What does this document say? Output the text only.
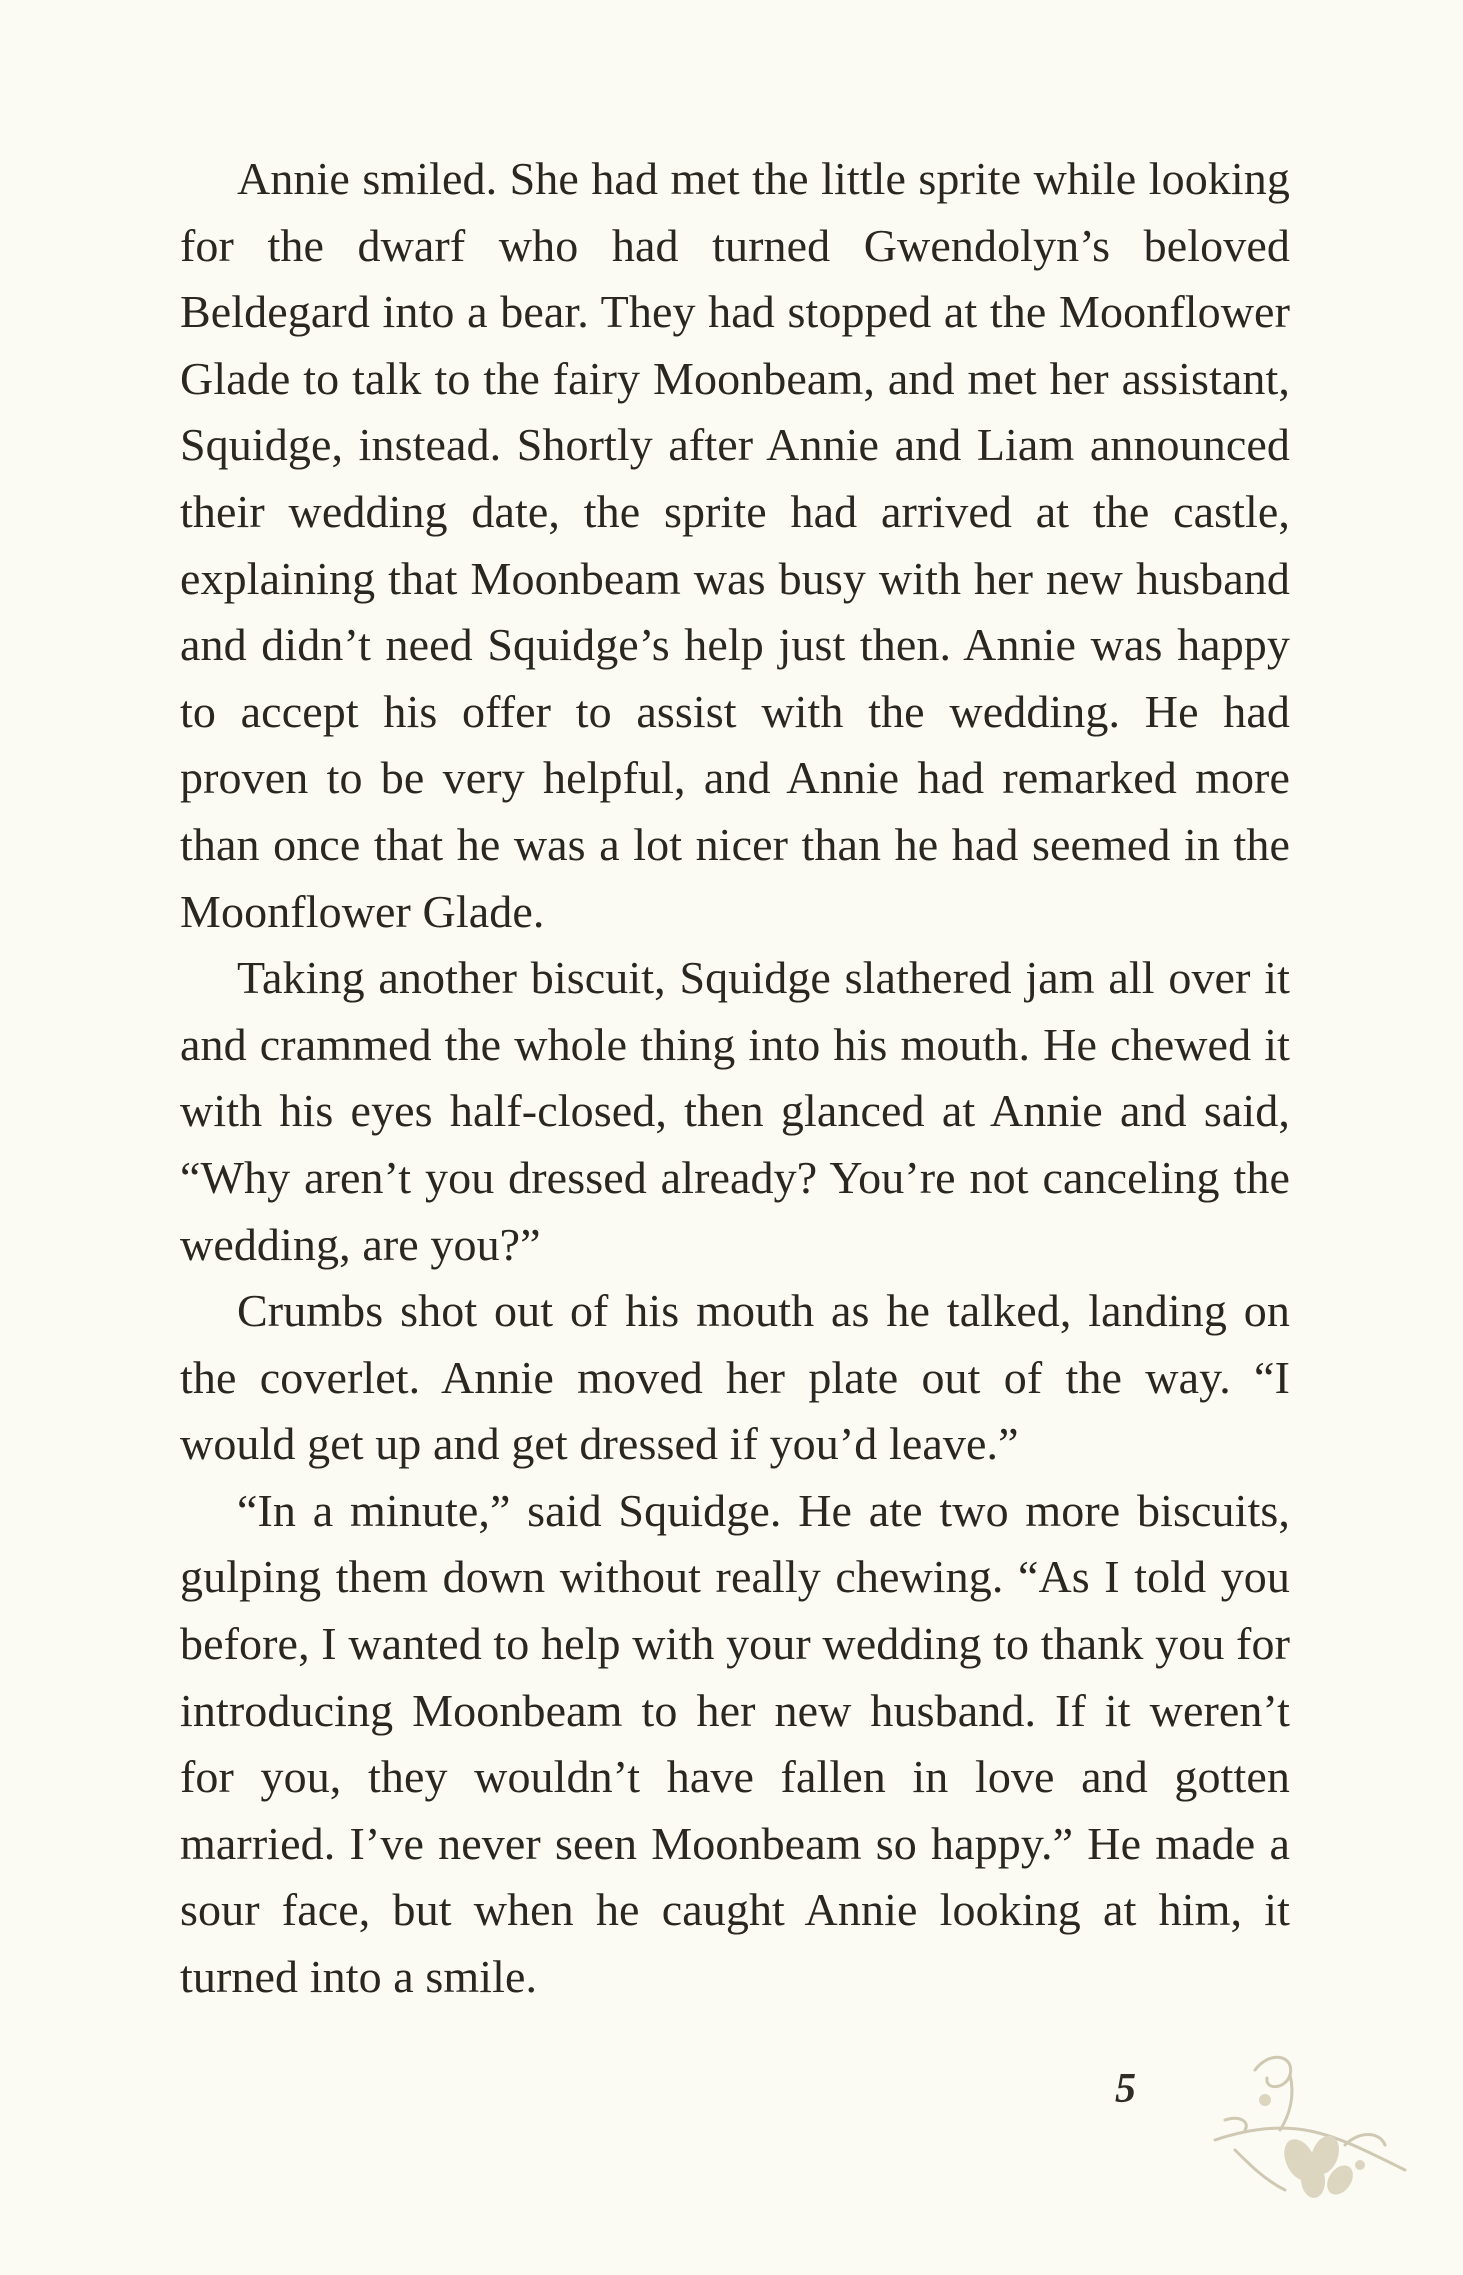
Annie smiled. She had met the little sprite while looking for the dwarf who had turned Gwendolyn’s beloved Beldegard into a bear. They had stopped at the Moonflower Glade to talk to the fairy Moonbeam, and met her assistant, Squidge, instead. Shortly after Annie and Liam announced their wedding date, the sprite had arrived at the castle, explaining that Moonbeam was busy with her new husband and didn’t need Squidge’s help just then. Annie was happy to accept his offer to assist with the wedding. He had proven to be very helpful, and Annie had remarked more than once that he was a lot nicer than he had seemed in the Moonflower Glade.

Taking another biscuit, Squidge slathered jam all over it and crammed the whole thing into his mouth. He chewed it with his eyes half-closed, then glanced at Annie and said, “Why aren’t you dressed already? You’re not canceling the wedding, are you?”

Crumbs shot out of his mouth as he talked, landing on the coverlet. Annie moved her plate out of the way. “I would get up and get dressed if you’d leave.”

“In a minute,” said Squidge. He ate two more biscuits, gulping them down without really chewing. “As I told you before, I wanted to help with your wedding to thank you for introducing Moonbeam to her new husband. If it weren’t for you, they wouldn’t have fallen in love and gotten married. I’ve never seen Moonbeam so happy.” He made a sour face, but when he caught Annie looking at him, it turned into a smile.

5
